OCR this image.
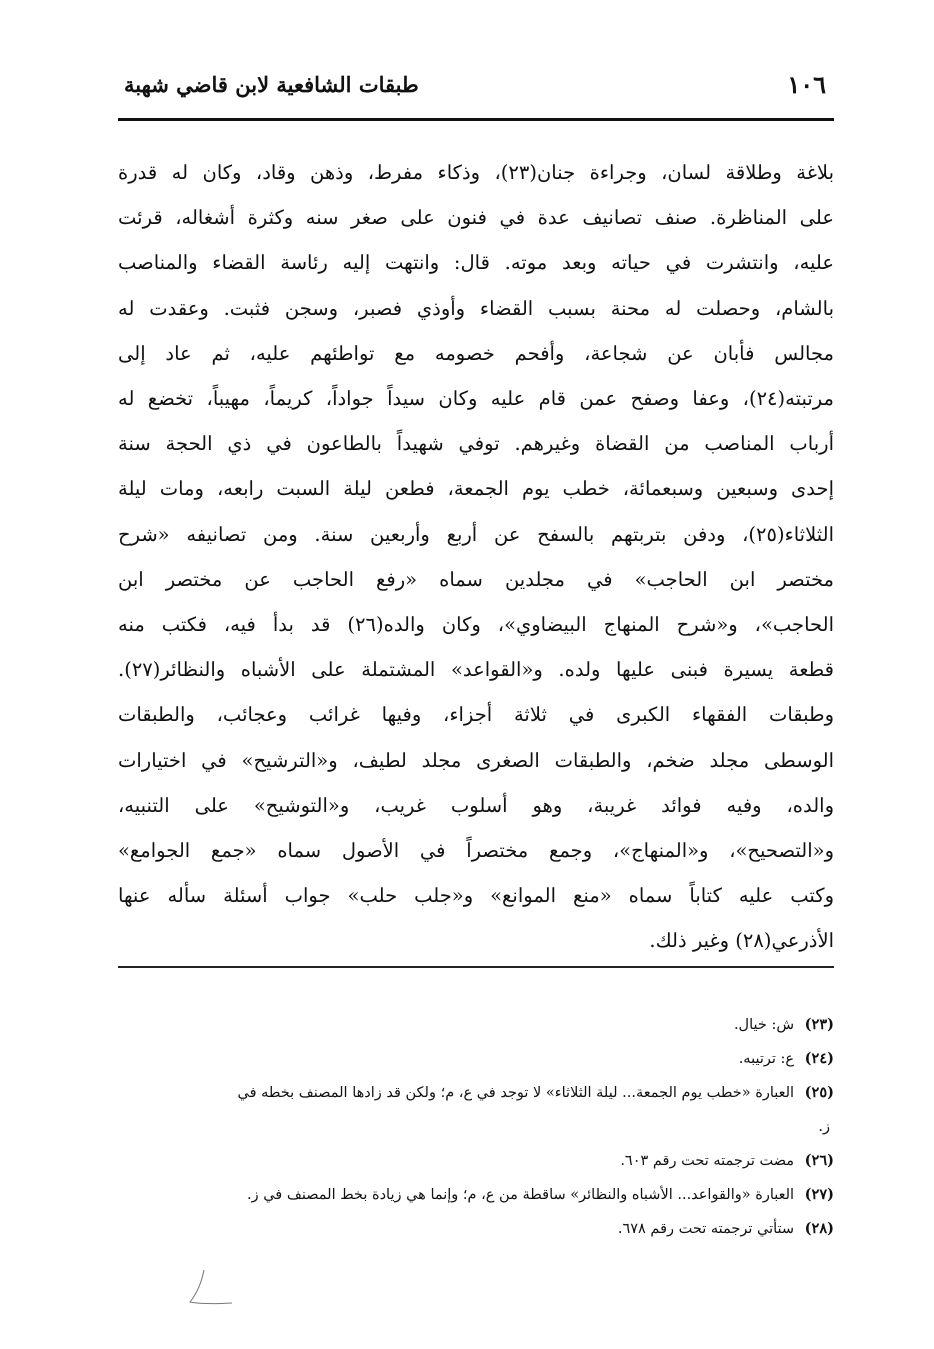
١٠٦
طبقات الشافعية لابن قاضي شهبة
بلاغة وطلاقة لسان، وجراءة جنان(٢٣)، وذكاء مفرط، وذهن وقاد، وكان له قدرة
على المناظرة. صنف تصانيف عدة في فنون على صغر سنه وكثرة أشغاله، قرئت
عليه، وانتشرت في حياته وبعد موته. قال: وانتهت إليه رئاسة القضاء والمناصب
بالشام، وحصلت له محنة بسبب القضاء وأوذي فصبر، وسجن فثبت. وعقدت له
مجالس فأبان عن شجاعة، وأفحم خصومه مع تواطئهم عليه، ثم عاد إلى
مرتبته(٢٤)، وعفا وصفح عمن قام عليه وكان سيداً جواداً، كريماً، مهيباً، تخضع له
أرباب المناصب من القضاة وغيرهم. توفي شهيداً بالطاعون في ذي الحجة سنة
إحدى وسبعين وسبعمائة، خطب يوم الجمعة، فطعن ليلة السبت رابعه، ومات ليلة
الثلاثاء(٢٥)، ودفن بتربتهم بالسفح عن أربع وأربعين سنة. ومن تصانيفه «شرح
مختصر ابن الحاجب» في مجلدين سماه «رفع الحاجب عن مختصر ابن
الحاجب»، و«شرح المنهاج البيضاوي»، وكان والده(٢٦) قد بدأ فيه، فكتب منه
قطعة يسيرة فبنى عليها ولده. و«القواعد» المشتملة على الأشباه والنظائر(٢٧).
وطبقات الفقهاء الكبرى في ثلاثة أجزاء، وفيها غرائب وعجائب، والطبقات
الوسطى مجلد ضخم، والطبقات الصغرى مجلد لطيف، و«الترشيح» في اختيارات
والده، وفيه فوائد غريبة، وهو أسلوب غريب، و«التوشيح» على التنبيه،
و«التصحيح»، و«المنهاج»، وجمع مختصراً في الأصول سماه «جمع الجوامع»
وكتب عليه كتاباً سماه «منع الموانع» و«جلب حلب» جواب أسئلة سأله عنها
الأذرعي(٢٨) وغير ذلك.
(٢٣) ش: خيال.
(٢٤) ع: ترتيبه.
(٢٥) العبارة «خطب يوم الجمعة... ليلة الثلاثاء» لا توجد في ع، م؛ ولكن قد زادها المصنف بخطه في
ز.
(٢٦) مضت ترجمته تحت رقم ٦٠٣.
(٢٧) العبارة «والقواعد... الأشباه والنظائر» ساقطة من ع، م؛ وإنما هي زيادة بخط المصنف في ز.
(٢٨) ستأتي ترجمته تحت رقم ٦٧٨.
